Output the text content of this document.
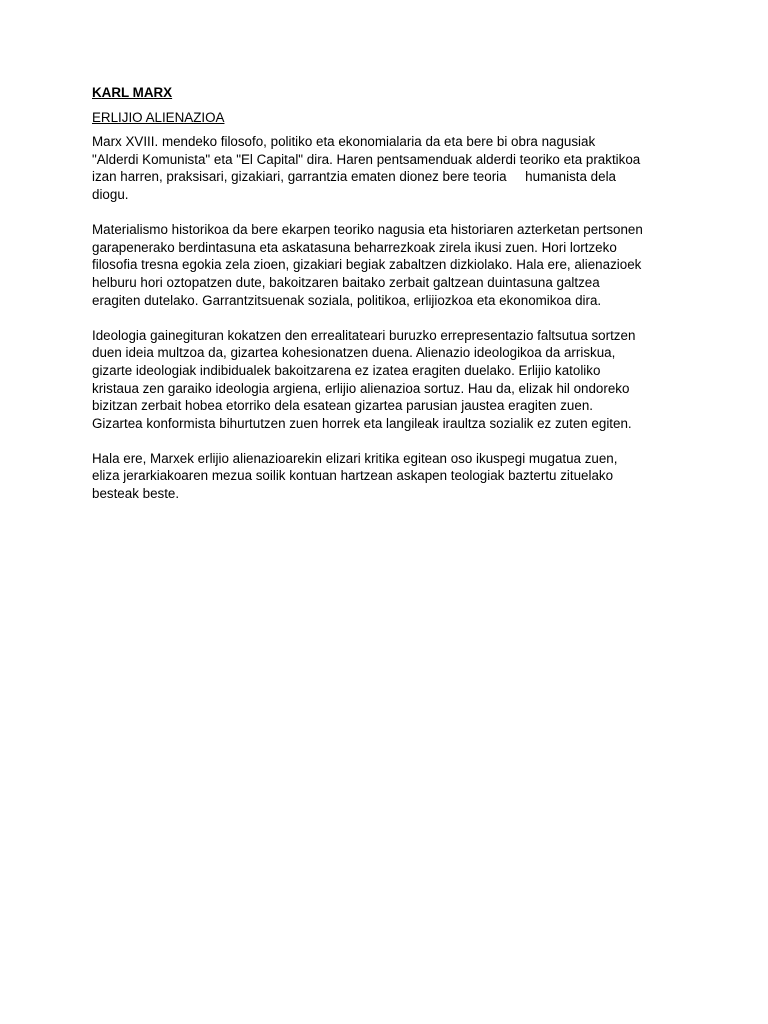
KARL MARX
ERLIJIO ALIENAZIOA
Marx XVIII. mendeko filosofo, politiko eta ekonomialaria da eta bere bi obra nagusiak
"Alderdi Komunista" eta "El Capital" dira. Haren pentsamenduak alderdi teoriko eta praktikoa
izan harren, praksisari, gizakiari, garrantzia ematen dionez bere teoria     humanista dela
diogu.
Materialismo historikoa da bere ekarpen teoriko nagusia eta historiaren azterketan pertsonen
garapenerako berdintasuna eta askatasuna beharrezkoak zirela ikusi zuen. Hori lortzeko
filosofia tresna egokia zela zioen, gizakiari begiak zabaltzen dizkiolako. Hala ere, alienazioek
helburu hori oztopatzen dute, bakoitzaren baitako zerbait galtzean duintasuna galtzea
eragiten dutelako. Garrantzitsuenak soziala, politikoa, erlijiozkoa eta ekonomikoa dira.
Ideologia gainegituran kokatzen den errealitateari buruzko errepresentazio faltsutua sortzen
duen ideia multzoa da, gizartea kohesionatzen duena. Alienazio ideologikoa da arriskua,
gizarte ideologiak indibidualek bakoitzarena ez izatea eragiten duelako. Erlijio katoliko
kristaua zen garaiko ideologia argiena, erlijio alienazioa sortuz. Hau da, elizak hil ondoreko
bizitzan zerbait hobea etorriko dela esatean gizartea parusian jaustea eragiten zuen.
Gizartea konformista bihurtutzen zuen horrek eta langileak iraultza sozialik ez zuten egiten.
Hala ere, Marxek erlijio alienazioarekin elizari kritika egitean oso ikuspegi mugatua zuen,
eliza jerarkiakoaren mezua soilik kontuan hartzean askapen teologiak baztertu zituelako
besteak beste.
